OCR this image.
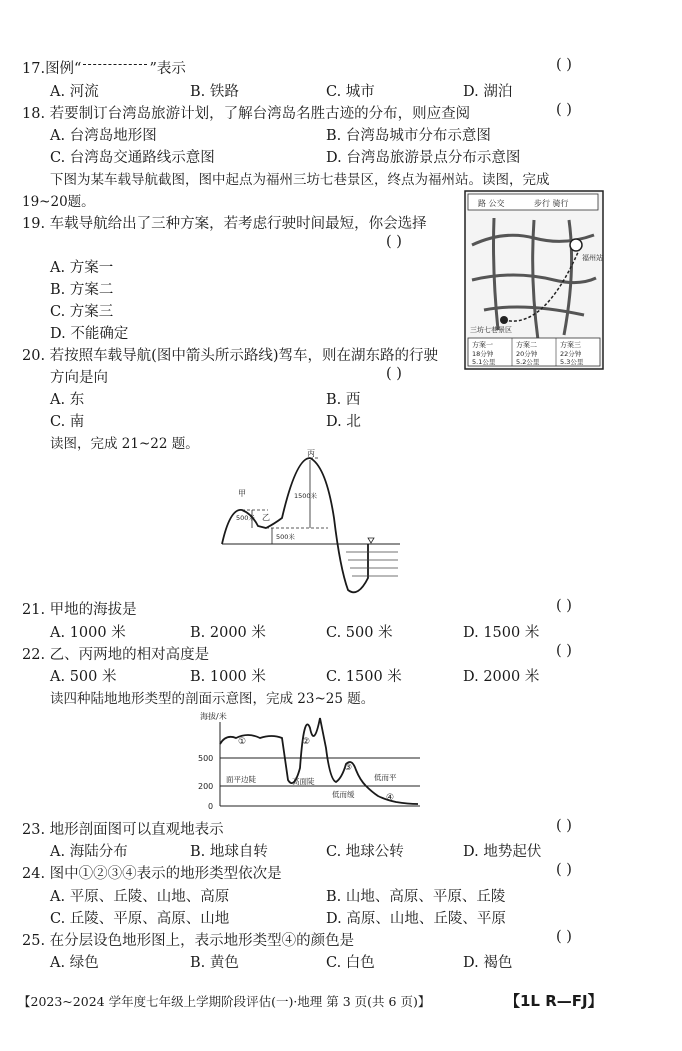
17.图例“	”表示	( )
A. 河流	B. 铁路	C. 城市	D. 湖泊
18. 若要制订台湾岛旅游计划，了解台湾岛名胜古迹的分布，则应查阅	( )
A. 台湾岛地形图	B. 台湾岛城市分布示意图
C. 台湾岛交通路线示意图	D. 台湾岛旅游景点分布示意图
下图为某车载导航截图，图中起点为福州三坊七巷景区，终点为福州站。读图，完成
19~20题。
19. 车载导航给出了三种方案，若考虑行驶时间最短，你会选择
( )
A. 方案一
B. 方案二
C. 方案三
D. 不能确定
路 公交	步行 骑行
福州站
三坊七巷景区
方案一
18分钟
5.1公里
方案二
20分钟
5.2公里
方案三
22分钟
5.3公里
20. 若按照车载导航(图中箭头所示路线)驾车，则在湖东路的行驶
方向是向	( )
A. 东	B. 西
C. 南	D. 北
读图，完成 21~22 题。
甲
乙
丙
500米
1500米
500米
21. 甲地的海拔是	( )
A. 1000 米	B. 2000 米	C. 500 米	D. 1500 米
22. 乙、丙两地的相对高度是	( )
A. 500 米	B. 1000 米	C. 1500 米	D. 2000 米
读四种陆地地形类型的剖面示意图，完成 23~25 题。
海拔/米
500
200
0
①	②
③
④
面平边陡	高面陡	低而平
低而缓
23. 地形剖面图可以直观地表示	( )
A. 海陆分布	B. 地球自转	C. 地球公转	D. 地势起伏
24. 图中①②③④表示的地形类型依次是	( )
A. 平原、丘陵、山地、高原	B. 山地、高原、平原、丘陵
C. 丘陵、平原、高原、山地	D. 高原、山地、丘陵、平原
25. 在分层设色地形图上，表示地形类型④的颜色是	( )
A. 绿色	B. 黄色	C. 白色	D. 褐色
【2023~2024 学年度七年级上学期阶段评估(一)·地理 第 3 页(共 6 页)】	【1L R—FJ】
